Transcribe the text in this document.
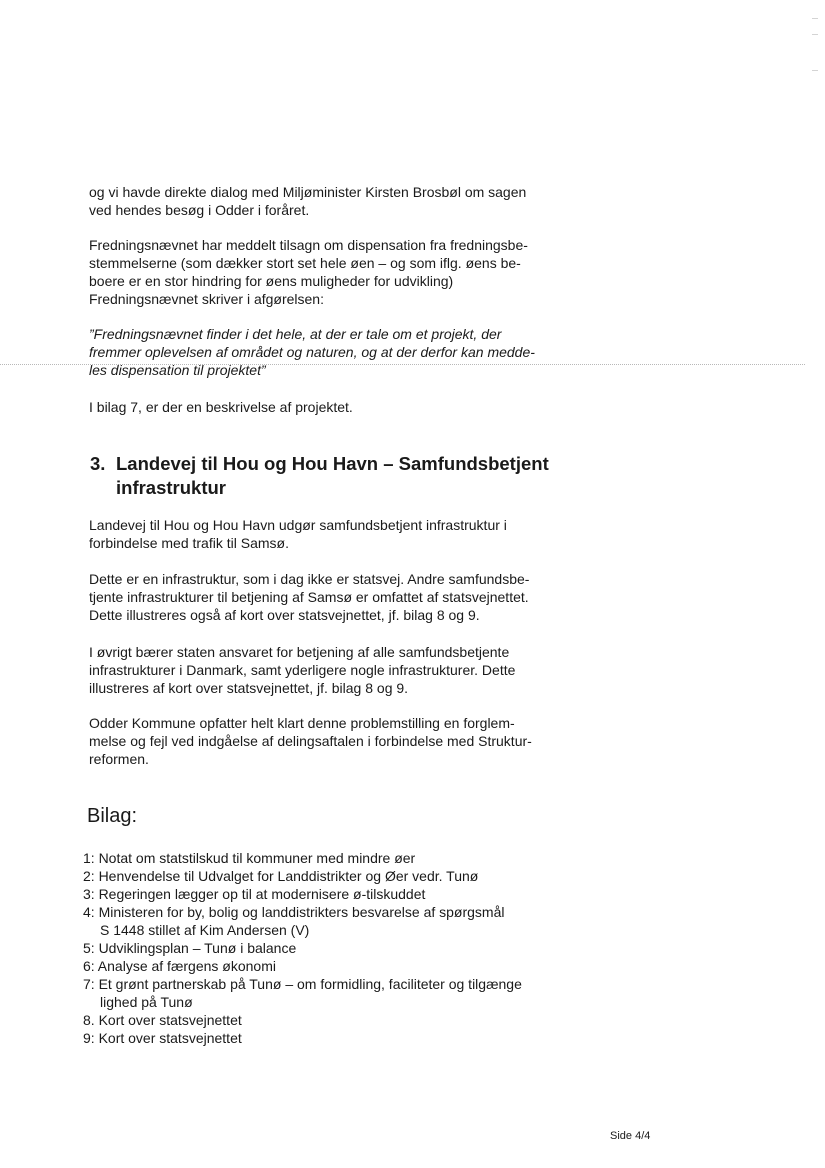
og vi havde direkte dialog med Miljøminister Kirsten Brosbøl om sagen
ved hendes besøg i Odder i foråret.

Fredningsnævnet har meddelt tilsagn om dispensation fra fredningsbe-
stemmelserne (som dækker stort set hele øen – og som iflg. øens be-
boere er en stor hindring for øens muligheder for udvikling)
Fredningsnævnet skriver i afgørelsen:

”Fredningsnævnet finder i det hele, at der er tale om et projekt, der
fremmer oplevelsen af området og naturen, og at der derfor kan medde-
les dispensation til projektet”

I bilag 7, er der en beskrivelse af projektet.

3. Landevej til Hou og Hou Havn – Samfundsbetjent
infrastruktur

Landevej til Hou og Hou Havn udgør samfundsbetjent infrastruktur i
forbindelse med trafik til Samsø.

Dette er en infrastruktur, som i dag ikke er statsvej. Andre samfundsbe-
tjente infrastrukturer til betjening af Samsø er omfattet af statsvejnettet.
Dette illustreres også af kort over statsvejnettet, jf. bilag 8 og 9.

I øvrigt bærer staten ansvaret for betjening af alle samfundsbetjente
infrastrukturer i Danmark, samt yderligere nogle infrastrukturer. Dette
illustreres af kort over statsvejnettet, jf. bilag 8 og 9.

Odder Kommune opfatter helt klart denne problemstilling en forglem-
melse og fejl ved indgåelse af delingsaftalen i forbindelse med Struktur-
reformen.

Bilag:
1: Notat om statstilskud til kommuner med mindre øer
2: Henvendelse til Udvalget for Landdistrikter og Øer vedr. Tunø
3: Regeringen lægger op til at modernisere ø-tilskuddet
4: Ministeren for by, bolig og landdistrikters besvarelse af spørgsmål
S 1448 stillet af Kim Andersen (V)
5: Udviklingsplan – Tunø i balance
6: Analyse af færgens økonomi
7: Et grønt partnerskab på Tunø – om formidling, faciliteter og tilgænge
lighed på Tunø
8. Kort over statsvejnettet
9: Kort over statsvejnettet
Side 4/4
